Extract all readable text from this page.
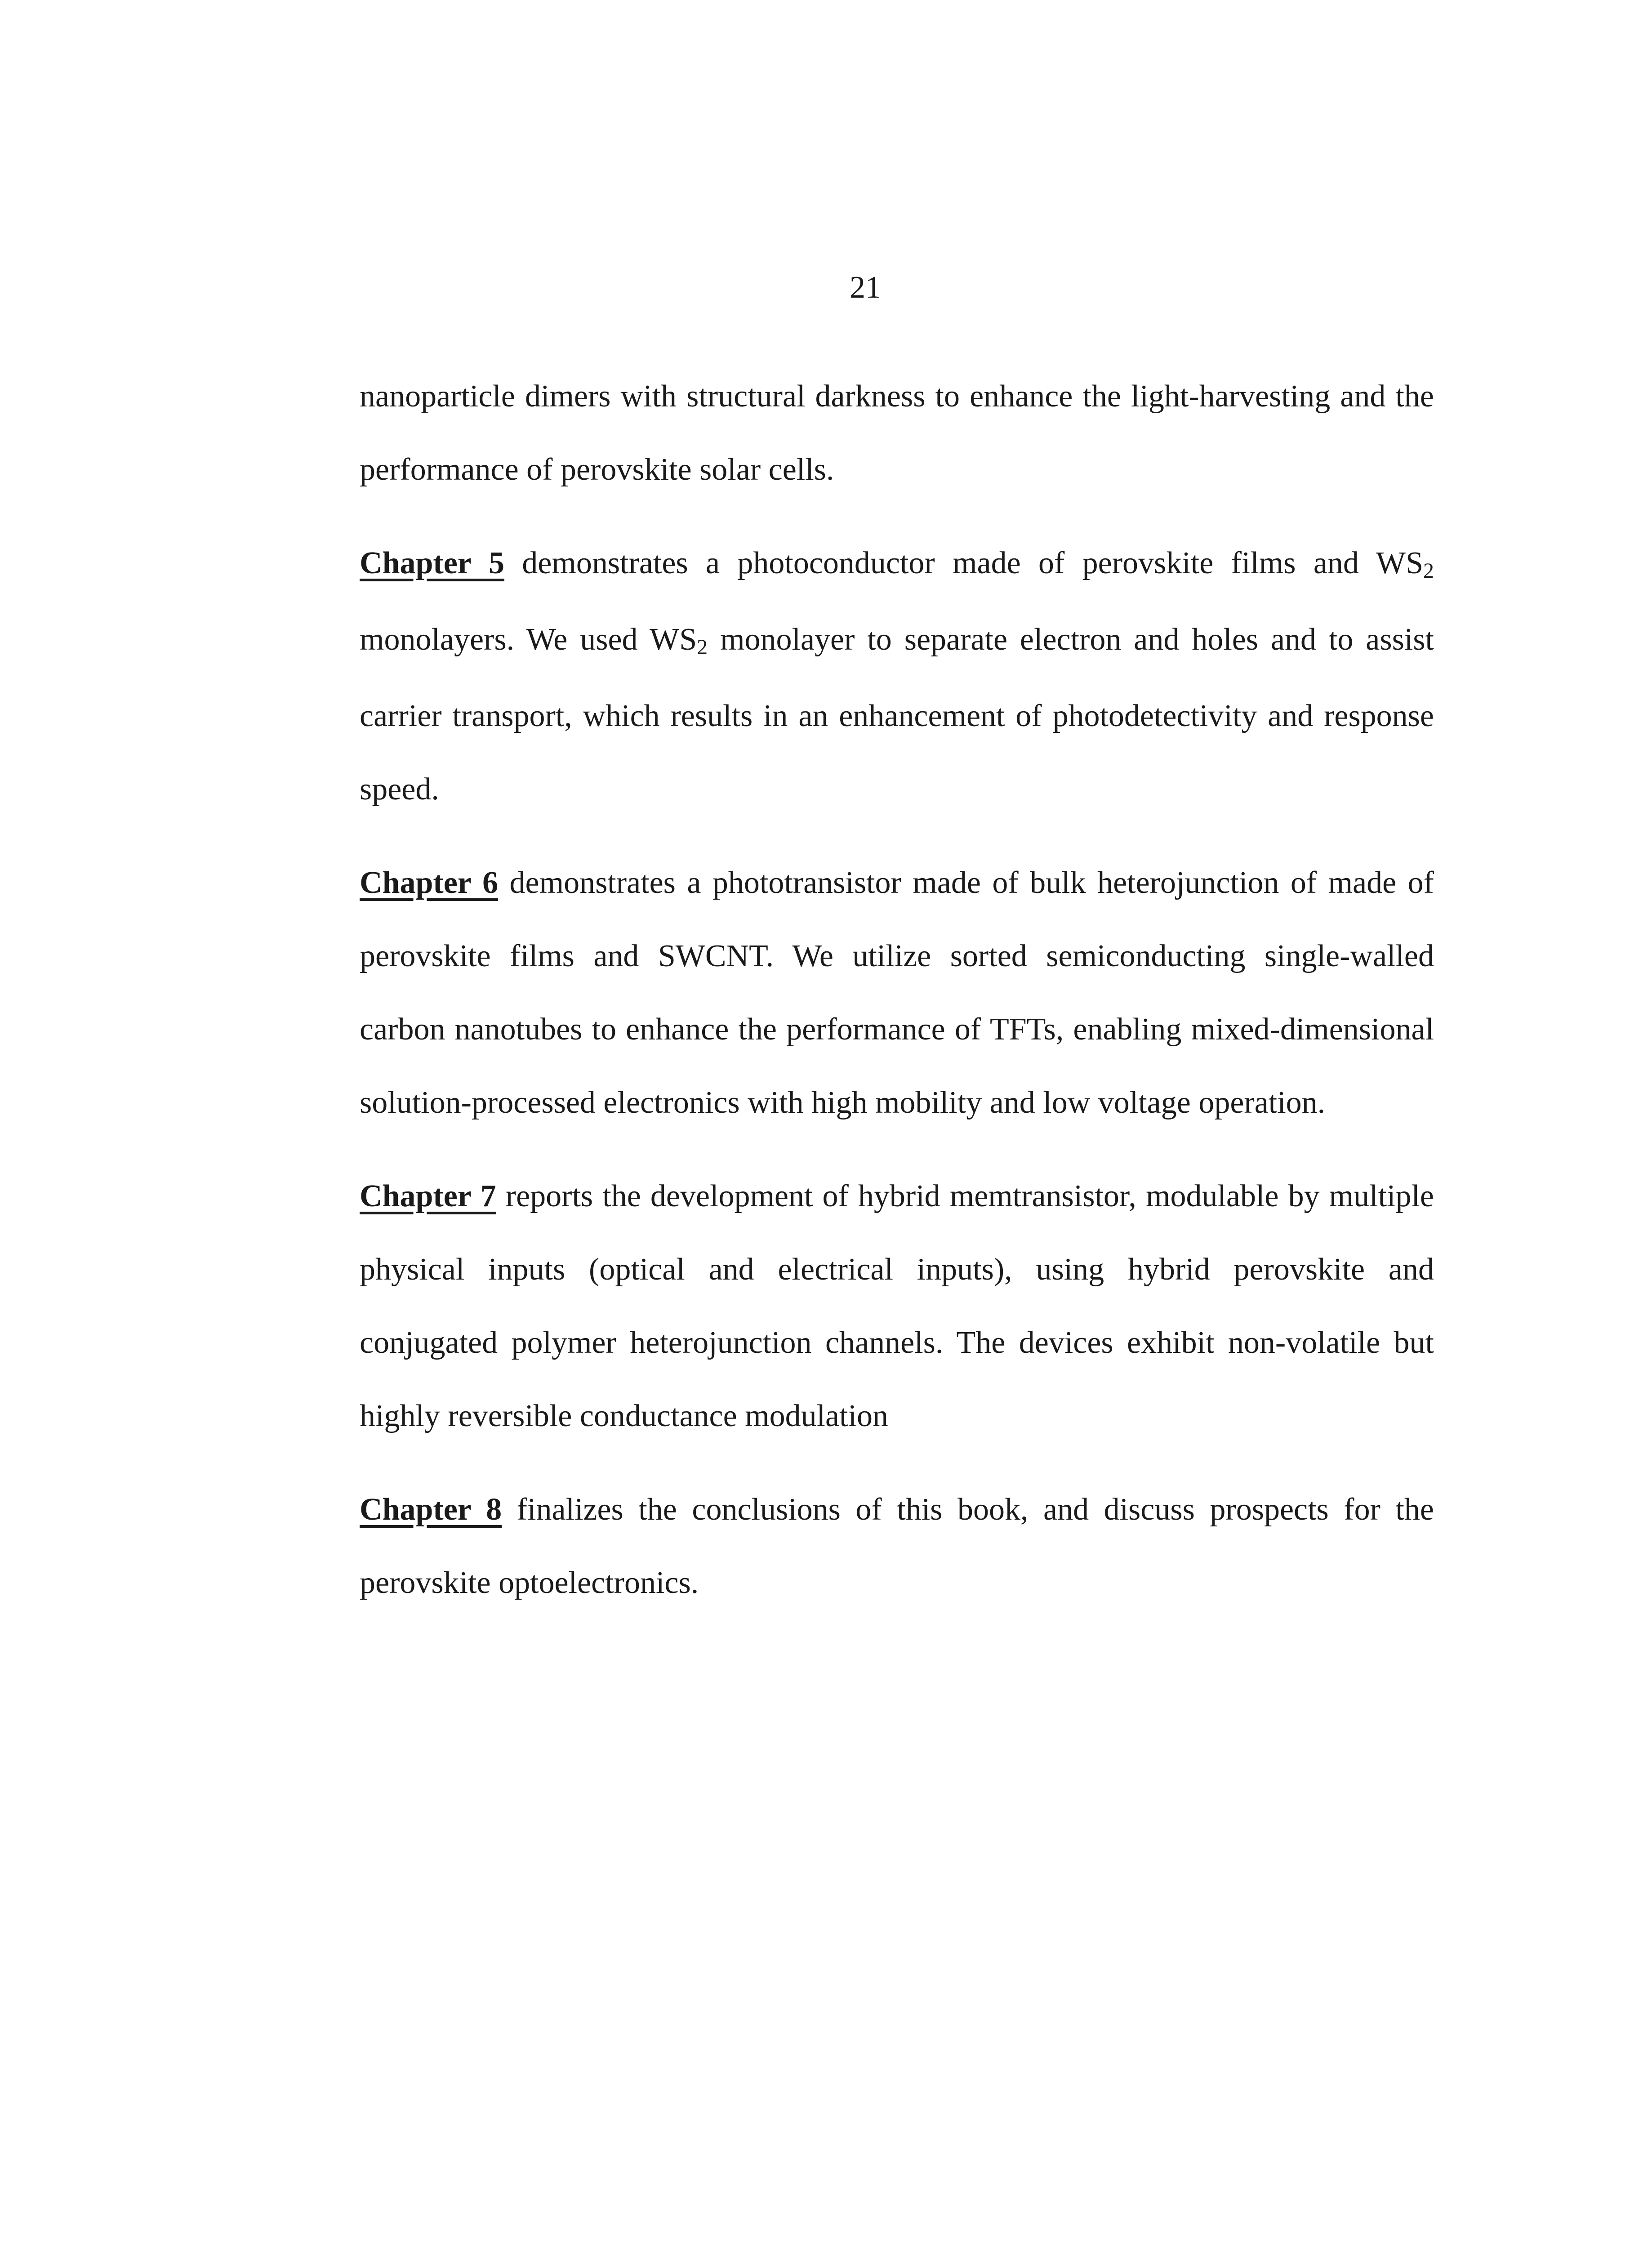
21

nanoparticle dimers with structural darkness to enhance the light-harvesting and the performance of perovskite solar cells.

Chapter 5 demonstrates a photoconductor made of perovskite films and $WS_2$ monolayers. We used $WS_2$ monolayer to separate electron and holes and to assist carrier transport, which results in an enhancement of photodetectivity and response speed.

Chapter 6 demonstrates a phototransistor made of bulk heterojunction of made of perovskite films and SWCNT. We utilize sorted semiconducting single-walled carbon nanotubes to enhance the performance of TFTs, enabling mixed-dimensional solution-processed electronics with high mobility and low voltage operation.

Chapter 7 reports the development of hybrid memtransistor, modulable by multiple physical inputs (optical and electrical inputs), using hybrid perovskite and conjugated polymer heterojunction channels. The devices exhibit non-volatile but highly reversible conductance modulation

Chapter 8 finalizes the conclusions of this book, and discuss prospects for the perovskite optoelectronics.
